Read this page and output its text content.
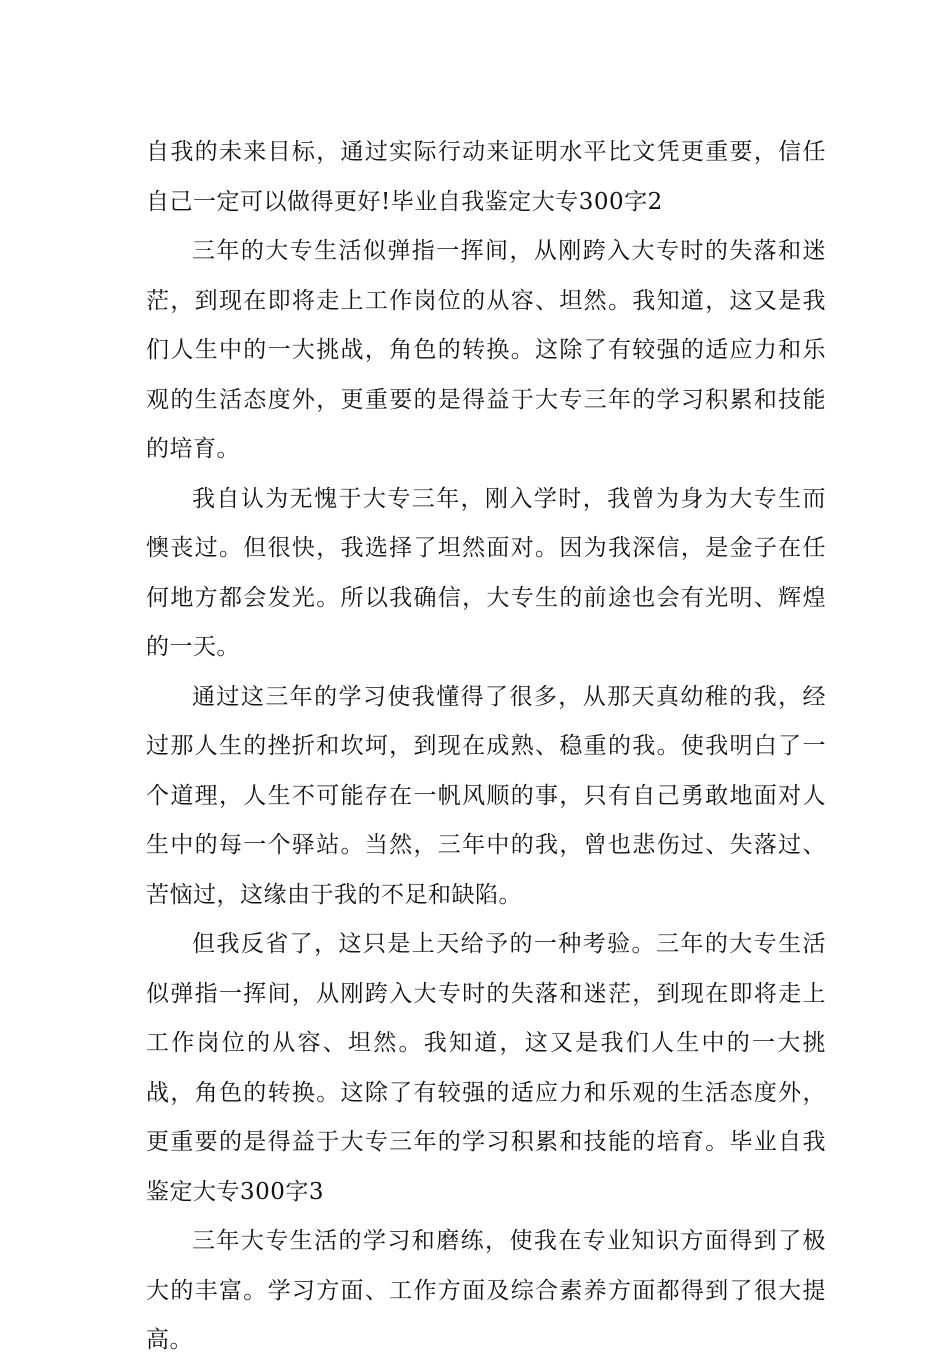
自我的未来目标，通过实际行动来证明水平比文凭更重要，信任自己一定可以做得更好!毕业自我鉴定大专300字2

三年的大专生活似弹指一挥间，从刚跨入大专时的失落和迷茫，到现在即将走上工作岗位的从容、坦然。我知道，这又是我们人生中的一大挑战，角色的转换。这除了有较强的适应力和乐观的生活态度外，更重要的是得益于大专三年的学习积累和技能的培育。

我自认为无愧于大专三年，刚入学时，我曾为身为大专生而懊丧过。但很快，我选择了坦然面对。因为我深信，是金子在任何地方都会发光。所以我确信，大专生的前途也会有光明、辉煌的一天。

通过这三年的学习使我懂得了很多，从那天真幼稚的我，经过那人生的挫折和坎坷，到现在成熟、稳重的我。使我明白了一个道理，人生不可能存在一帆风顺的事，只有自己勇敢地面对人生中的每一个驿站。当然，三年中的我，曾也悲伤过、失落过、苦恼过，这缘由于我的不足和缺陷。

但我反省了，这只是上天给予的一种考验。三年的大专生活似弹指一挥间，从刚跨入大专时的失落和迷茫，到现在即将走上工作岗位的从容、坦然。我知道，这又是我们人生中的一大挑战，角色的转换。这除了有较强的适应力和乐观的生活态度外，更重要的是得益于大专三年的学习积累和技能的培育。毕业自我鉴定大专300字3

三年大专生活的学习和磨练，使我在专业知识方面得到了极大的丰富。学习方面、工作方面及综合素养方面都得到了很大提高。
